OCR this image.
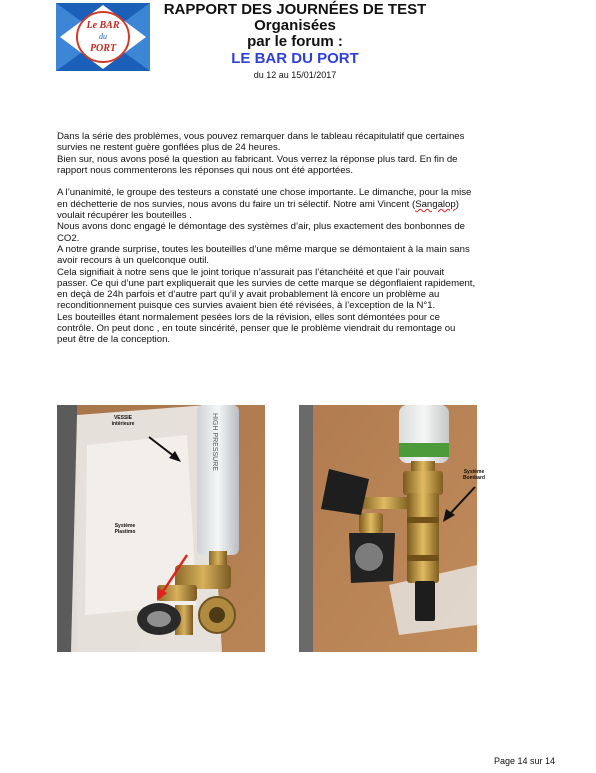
Le BAR
du
PORT
RAPPORT DES JOURNÉES DE TEST
Organisées
par le forum :
LE BAR DU PORT
du 12 au 15/01/2017

Dans la série des problèmes, vous pouvez remarquer dans le tableau récapitulatif que certaines
survies ne restent guère gonflées plus de 24 heures.
Bien sur, nous avons posé la question au fabricant. Vous verrez la réponse plus tard. En fin de
rapport nous commenterons les réponses qui nous ont été apportées.

A l’unanimité, le groupe des testeurs a constaté une chose importante. Le dimanche, pour la mise
en déchetterie de nos survies, nous avons du faire un tri sélectif. Notre ami Vincent (Sangalop)
voulait récupérer les bouteilles .
Nous avons donc engagé le démontage des systèmes d’air, plus exactement des bonbonnes de
CO2.
A notre grande surprise, toutes les bouteilles d’une même marque se démontaient à la main sans
avoir recours à un quelconque outil.
Cela signifiait à notre sens que le joint torique n’assurait pas l’étanchéité et que l’air pouvait
passer. Ce qui d’une part expliquerait que les survies de cette marque se dégonflaient rapidement,
en deçà de 24h parfois et d’autre part qu’il y avait probablement là encore un problème au
reconditionnement puisque ces survies avaient bien été révisées, à l’exception de la N°1.
Les bouteilles étant normalement pesées lors de la révision, elles sont démontées pour ce
contrôle. On peut donc , en toute sincérité, penser que le problème viendrait du remontage ou
peut être de la conception.

HIGH PRESSURE
VESSIE
intérieure
Système
Plastimo
Système
Bombard
Page 14 sur 14
